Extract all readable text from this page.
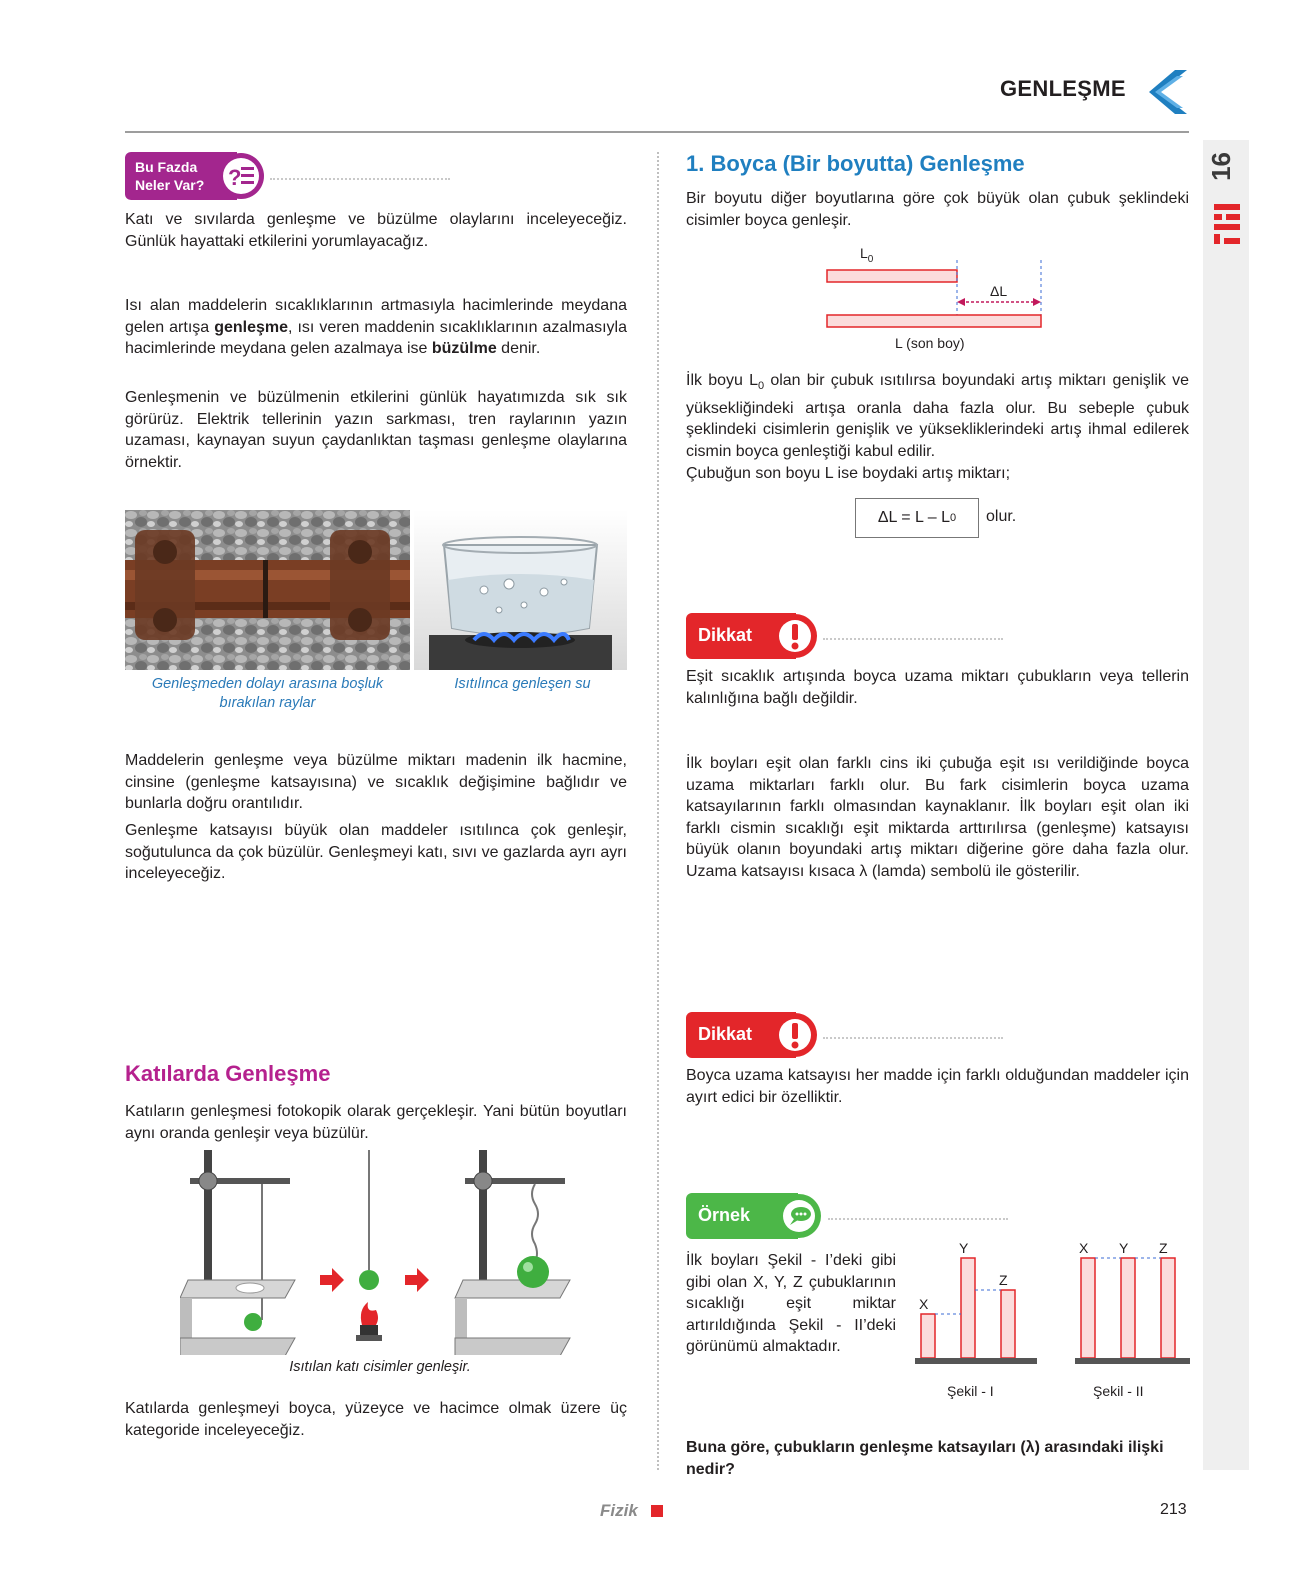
16
GENLEŞME
Bu Fazda
Neler Var? ?

Katı ve sıvılarda genleşme ve büzülme olaylarını inceleyeceğiz. Günlük hayattaki etkilerini yorumlayacağız.

Isı alan maddelerin sıcaklıklarının artmasıyla hacimlerinde meydana gelen artışa genleşme, ısı veren maddenin sıcaklıklarının azalmasıyla hacimlerinde meydana gelen azalmaya ise büzülme denir.

Genleşmenin ve büzülmenin etkilerini günlük hayatımızda sık sık görürüz. Elektrik tellerinin yazın sarkması, tren raylarının yazın uzaması, kaynayan suyun çaydanlıktan taşması genleşme olaylarına örnektir.

Genleşmeden dolayı arasına boşluk bırakılan raylar

Isıtılınca genleşen su

Maddelerin genleşme veya büzülme miktarı madenin ilk hacmine, cinsine (genleşme katsayısına) ve sıcaklık değişimine bağlıdır ve bunlarla doğru orantılıdır.

Genleşme katsayısı büyük olan maddeler ısıtılınca çok genleşir, soğutulunca da çok büzülür. Genleşmeyi katı, sıvı ve gazlarda ayrı ayrı inceleyeceğiz.

Katılarda Genleşme

Katıların genleşmesi fotokopik olarak gerçekleşir. Yani bütün boyutları aynı oranda genleşir veya büzülür.

Isıtılan katı cisimler genleşir.

Katılarda genleşmeyi boyca, yüzeyce ve hacimce olmak üzere üç kategoride inceleyeceğiz.

1. Boyca (Bir boyutta) Genleşme

Bir boyutu diğer boyutlarına göre çok büyük olan çubuk şeklindeki cisimler boyca genleşir.

$L_0$
ΔL
L (son boy)

İlk boyu $L_0$ olan bir çubuk ısıtılırsa boyundaki artış miktarı genişlik ve yüksekliğindeki artışa oranla daha fazla olur. Bu sebeple çubuk şeklindeki cisimlerin genişlik ve yüksekliklerindeki artış ihmal edilerek cismin boyca genleştiği kabul edilir.

Çubuğun son boyu L ise boydaki artış miktarı;

ΔL = L – L 0 olur.
Dikkat

Eşit sıcaklık artışında boyca uzama miktarı çubukların veya tellerin kalınlığına bağlı değildir.

İlk boyları eşit olan farklı cins iki çubuğa eşit ısı verildiğinde boyca uzama miktarları farklı olur. Bu fark cisimlerin boyca uzama katsayılarının farklı olmasından kaynaklanır. İlk boyları eşit olan iki farklı cismin sıcaklığı eşit miktarda arttırılırsa (genleşme) katsayısı büyük olanın boyundaki artış miktarı diğerine göre daha fazla olur. Uzama katsayısı kısaca λ (lamda) sembolü ile gösterilir.

Dikkat

Boyca uzama katsayısı her madde için farklı olduğundan maddeler için ayırt edici bir özelliktir.

Örnek

İlk boyları Şekil - I’deki gibi gibi olan X, Y, Z çubuklarının sıcaklığı eşit miktar artırıldığında Şekil - II’deki görünümü almaktadır.

X
Y
Z
X Y Z
Şekil - I	Şekil - II

Buna göre, çubukların genleşme katsayıları (λ) arasındaki ilişki nedir?

Fizik	213
